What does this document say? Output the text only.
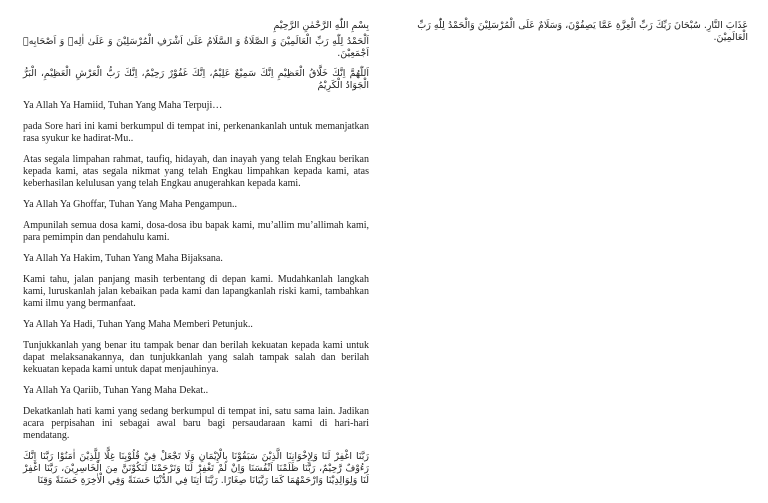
بِسْمِ اللّٰهِ الرَّحْمٰنِ الرَّحِيْمِ

اَلْحَمْدُ لِلّٰهِ رَبِّ الْعَالَمِيْنَ وَ الصَّلَاةُ وَ السَّلَامُ عَلَىٰ اَشْرَفِ الْمُرْسَلِيْنَ وَ عَلَىٰ اٰلِهٖ وَ اَصْحَابِهٖ اَجْمَعِيْنَ.

اَللّٰهُمَّ اِنَّكَ خَلَّاقُ الْعَظِيْمِ اِنَّكَ سَمِيْعٌ عَلِيْمٌ، اِنَّكَ غَفُوْرٌ رَحِيْمٌ، اِنَّكَ رَبُّ الْعَرْشِ الْعَظِيْمِ، الْبَرُّ الْجَوَادُ الْكَرِيْمُ

Ya Allah Ya Hamiid, Tuhan Yang Maha Terpuji…

pada Sore hari ini kami berkumpul di tempat ini, perkenankanlah untuk memanjatkan rasa syukur ke hadirat-Mu..

Atas segala limpahan rahmat, taufiq, hidayah, dan inayah yang telah Engkau berikan kepada kami, atas segala nikmat yang telah Engkau limpahkan kepada kami, atas keberhasilan kelulusan yang telah Engkau anugerahkan kepada kami.

Ya Allah Ya Ghoffar, Tuhan Yang Maha Pengampun..

Ampunilah semua dosa kami, dosa-dosa ibu bapak kami, mu’allim mu’allimah kami, para pemimpin dan pendahulu kami.

Ya Allah Ya Hakim, Tuhan Yang Maha Bijaksana.

Kami tahu, jalan panjang masih terbentang di depan kami. Mudahkanlah langkah kami, luruskanlah jalan kebaikan pada kami dan lapangkanlah riski kami, tambahkan kami ilmu yang bermanfaat.

Ya Allah Ya Hadi, Tuhan Yang Maha Memberi Petunjuk..

Tunjukkanlah yang benar itu tampak benar dan berilah kekuatan kepada kami untuk dapat melaksanakannya, dan tunjukkanlah yang salah tampak salah dan berilah kekuatan kepada kami untuk dapat menjauhinya.

Ya Allah Ya Qariib, Tuhan Yang Maha Dekat..

Dekatkanlah hati kami yang sedang berkumpul di tempat ini, satu sama lain. Jadikan acara perpisahan ini sebagai awal baru bagi persaudaraan kami di hari-hari mendatang.

رَبَّنَا اغْفِرْ لَنَا وَلِإِخْوَانِنَا الَّذِيْنَ سَبَقُوْنَا بِالْإِيْمَانِ وَلَا تَجْعَلْ فِيْ قُلُوْبِنَا غِلًّا لِلَّذِيْنَ اٰمَنُوْا رَبَّنَا اِنَّكَ رَءُوْفٌ رَّحِيْمٌ، رَبَّنَا ظَلَمْنَا اَنْفُسَنَا وَاِنْ لَمْ تَغْفِرْ لَنَا وَتَرْحَمْنَا لَنَكُوْنَنَّ مِنَ الْخَاسِرِيْنَ، رَبَّنَا اغْفِرْ لَنَا وَلِوَالِدِيْنَا وَارْحَمْهُمَا كَمَا رَبَّيَانَا صِغَارًا. رَبَّنَا اٰتِنَا فِي الدُّنْيَا حَسَنَةً وَفِي الْاٰخِرَةِ حَسَنَةً وَقِنَا

عَذَابَ النَّارِ. سُبْحَانَ رَبِّكَ رَبِّ الْعِزَّةِ عَمَّا يَصِفُوْنَ، وَسَلَامٌ عَلَى الْمُرْسَلِيْنَ وَالْحَمْدُ لِلّٰهِ رَبِّ الْعَالَمِيْنَ.
